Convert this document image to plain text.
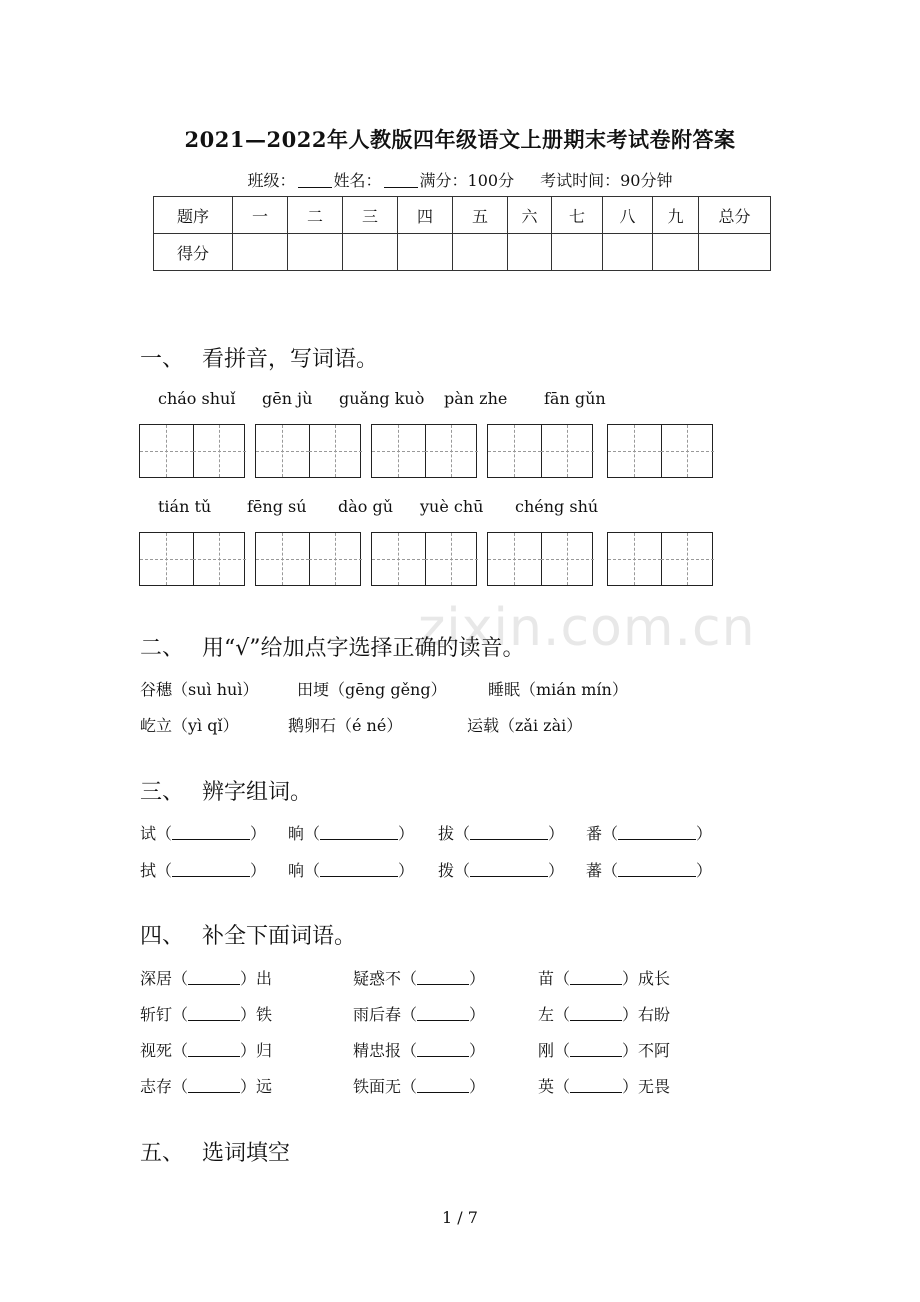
zixin.com.cn
2021—2022年人教版四年级语文上册期末考试卷附答案
班级： 姓名： 满分：100分 考试时间：90分钟
题序	一	二	三	四	五	六	七	八	九	总分
得分										
一、 看拼音，写词语。
cháo shuǐ gēn jù guǎng kuò pàn zhe fān gǔn
tián tǔ fēng sú dào gǔ yuè chū chéng shú
二、 用“√”给加点字选择正确的读音。
谷穗（suì huì） 田埂（gēng gěng）	睡眠（mián mín）
屹立（yì qǐ）	鹅卵石（é né）	运载（zǎi zài）
三、 辨字组词。
试（	） 晌（	） 拔（	） 番（	）
拭（	） 响（	） 拨（	） 蕃（	）
四、 补全下面词语。
深居（	）出	疑惑不（	）	苗（	）成长
斩钉（	）铁	雨后春（	）	左（	）右盼
视死（	）归	精忠报（	）	刚（	）不阿
志存（	）远	铁面无（	）	英（	）无畏
五、 选词填空
1 / 7
